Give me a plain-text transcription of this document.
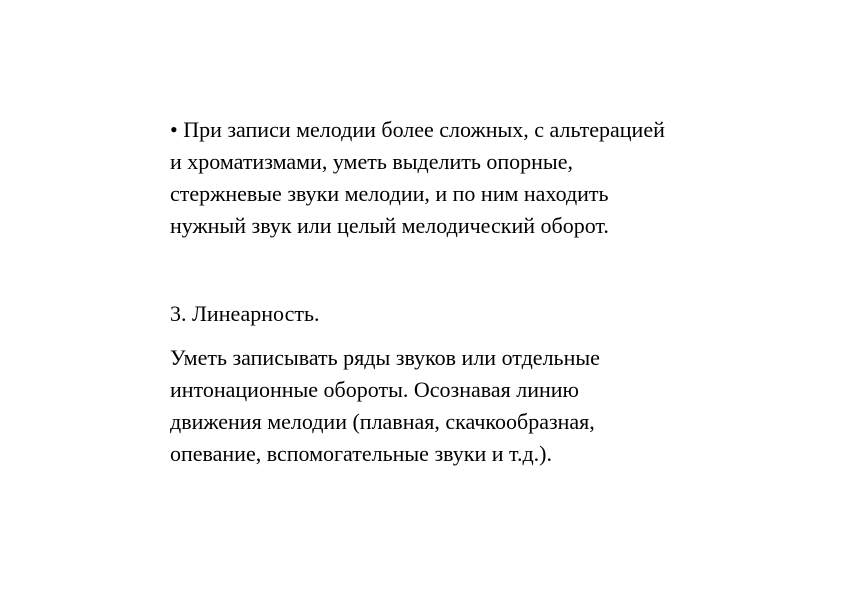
• При записи мелодии более сложных, с альтерацией
и хроматизмами, уметь выделить опорные,
стержневые звуки мелодии, и по ним находить
нужный звук или целый мелодический оборот.
3. Линеарность.
Уметь записывать ряды звуков или отдельные
интонационные обороты. Осознавая линию
движения мелодии (плавная, скачкообразная,
опевание, вспомогательные звуки и т.д.).
